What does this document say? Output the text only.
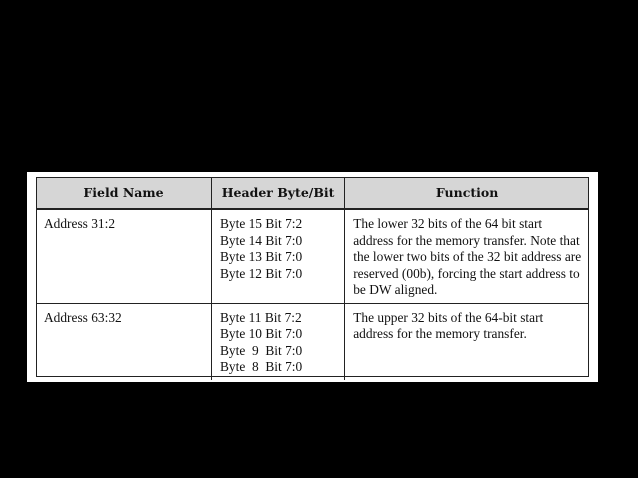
Field Name	Header Byte/Bit	Function
Address 31:2	Byte 15 Bit 7:2
Byte 14 Bit 7:0
Byte 13 Bit 7:0
Byte 12 Bit 7:0	The lower 32 bits of the 64 bit start address for the memory transfer. Note that the lower two bits of the 32 bit address are reserved (00b), forcing the start address to be DW aligned.
Address 63:32	Byte 11 Bit 7:2
Byte 10 Bit 7:0
Byte  9  Bit 7:0
Byte  8  Bit 7:0	The upper 32 bits of the 64-bit start address for the memory transfer.
